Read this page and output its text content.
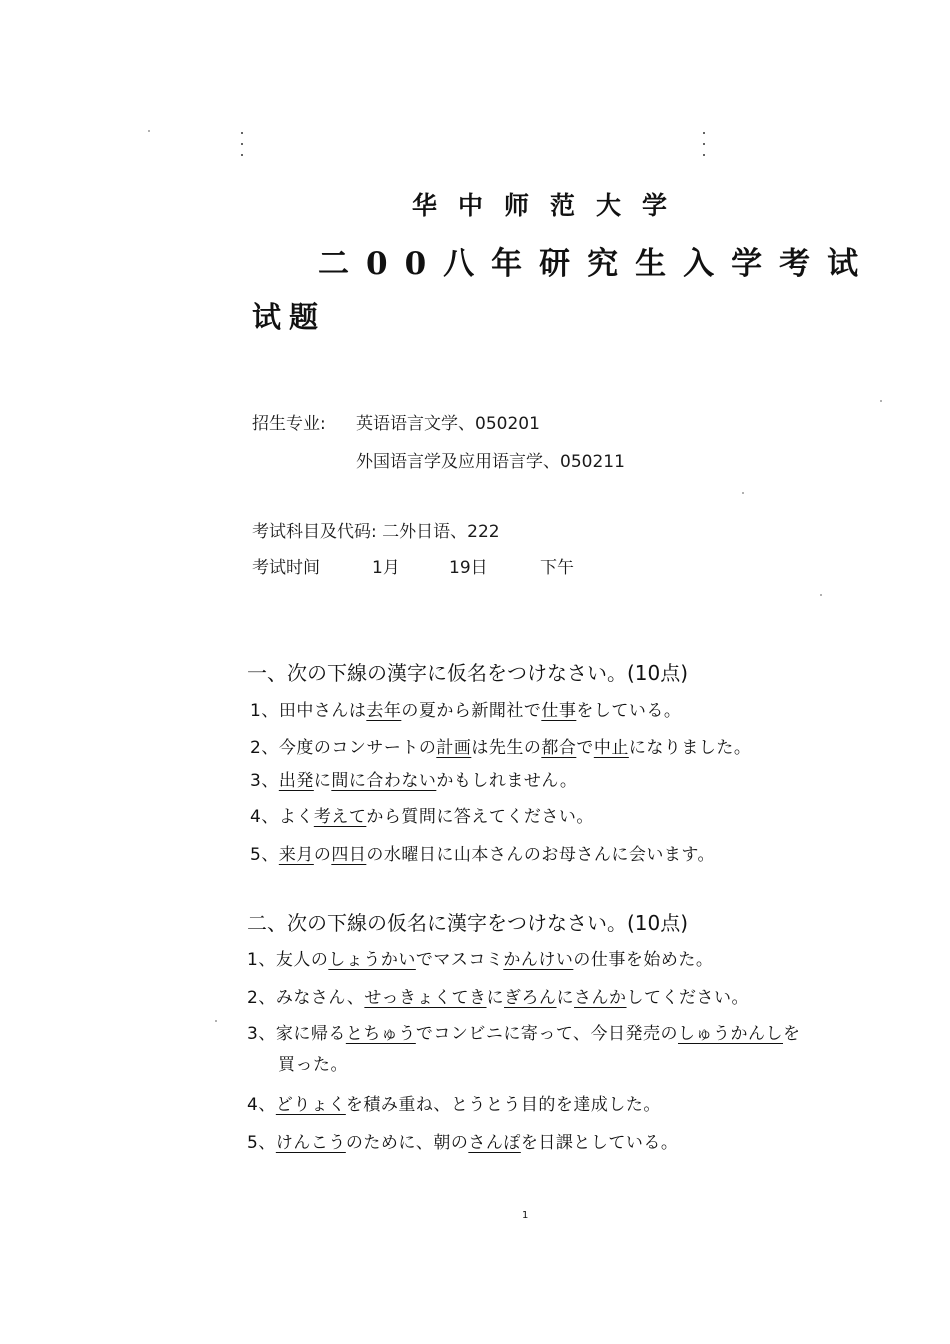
华中师范大学
二00八年研究生入学考试
试题
招生专业: 英语语言文学、050201
外国语言学及应用语言学、050211
考试科目及代码: 二外日语、222
考试时间	1月	19日	下午
一、次の下線の漢字に仮名をつけなさい。(10点)
1、田中さんは去年の夏から新聞社で仕事をしている。
2、今度のコンサートの計画は先生の都合で中止になりました。
3、出発に間に合わないかもしれません。
4、よく考えてから質問に答えてください。
5、来月の四日の水曜日に山本さんのお母さんに会います。
二、次の下線の仮名に漢字をつけなさい。(10点)
1、友人のしょうかいでマスコミかんけいの仕事を始めた。
2、みなさん、せっきょくてきにぎろんにさんかしてください。
3、家に帰るとちゅうでコンビニに寄って、今日発売のしゅうかんしを
買った。
4、どりょくを積み重ね、とうとう目的を達成した。
5、けんこうのために、朝のさんぽを日課としている。
1
